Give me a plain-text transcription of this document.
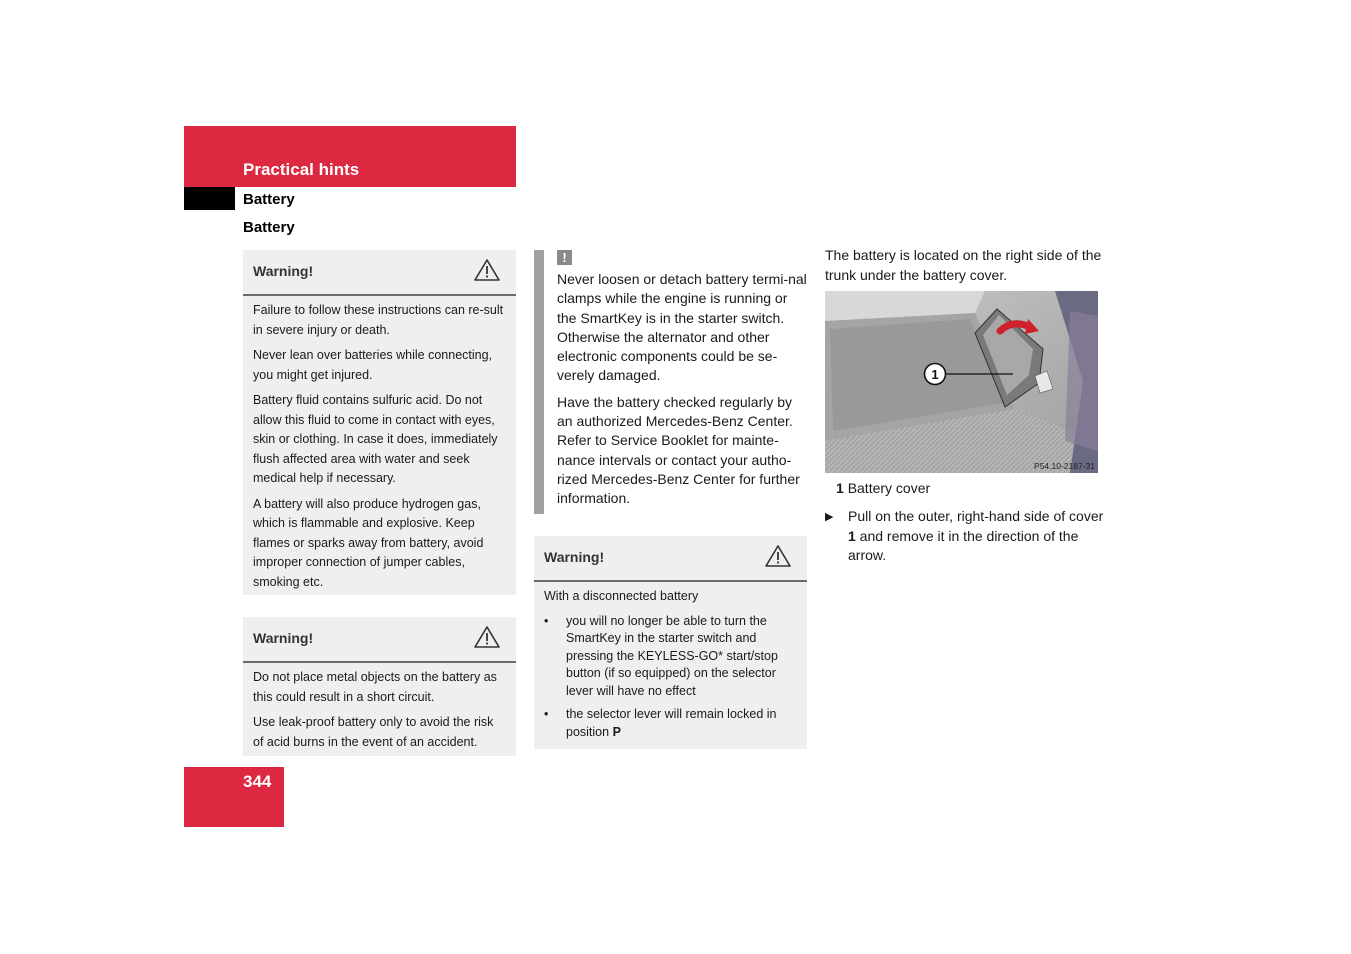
Practical hints
Battery
Battery
Warning!

Failure to follow these instructions can re-sult in severe injury or death.

Never lean over batteries while connecting, you might get injured.

Battery fluid contains sulfuric acid. Do not allow this fluid to come in contact with eyes, skin or clothing. In case it does, immediately flush affected area with water and seek medical help if necessary.

A battery will also produce hydrogen gas, which is flammable and explosive. Keep flames or sparks away from battery, avoid improper connection of jumper cables, smoking etc.

Warning!

Do not place metal objects on the battery as this could result in a short circuit.

Use leak-proof battery only to avoid the risk of acid burns in the event of an accident.

!

Never loosen or detach battery termi-nal clamps while the engine is running or the SmartKey is in the starter switch. Otherwise the alternator and other electronic components could be se-verely damaged.

Have the battery checked regularly by an authorized Mercedes-Benz Center. Refer to Service Booklet for mainte-nance intervals or contact your autho-rized Mercedes-Benz Center for further information.

Warning!

With a disconnected battery

• you will no longer be able to turn the SmartKey in the starter switch and pressing the KEYLESS-GO* start/stop button (if so equipped) on the selector lever will have no effect
• the selector lever will remain locked in position P
The battery is located on the right side of the trunk under the battery cover.
1
P54.10-2187-31
1 Battery cover
▶ Pull on the outer, right-hand side of cover 1 and remove it in the direction of the arrow.
344
